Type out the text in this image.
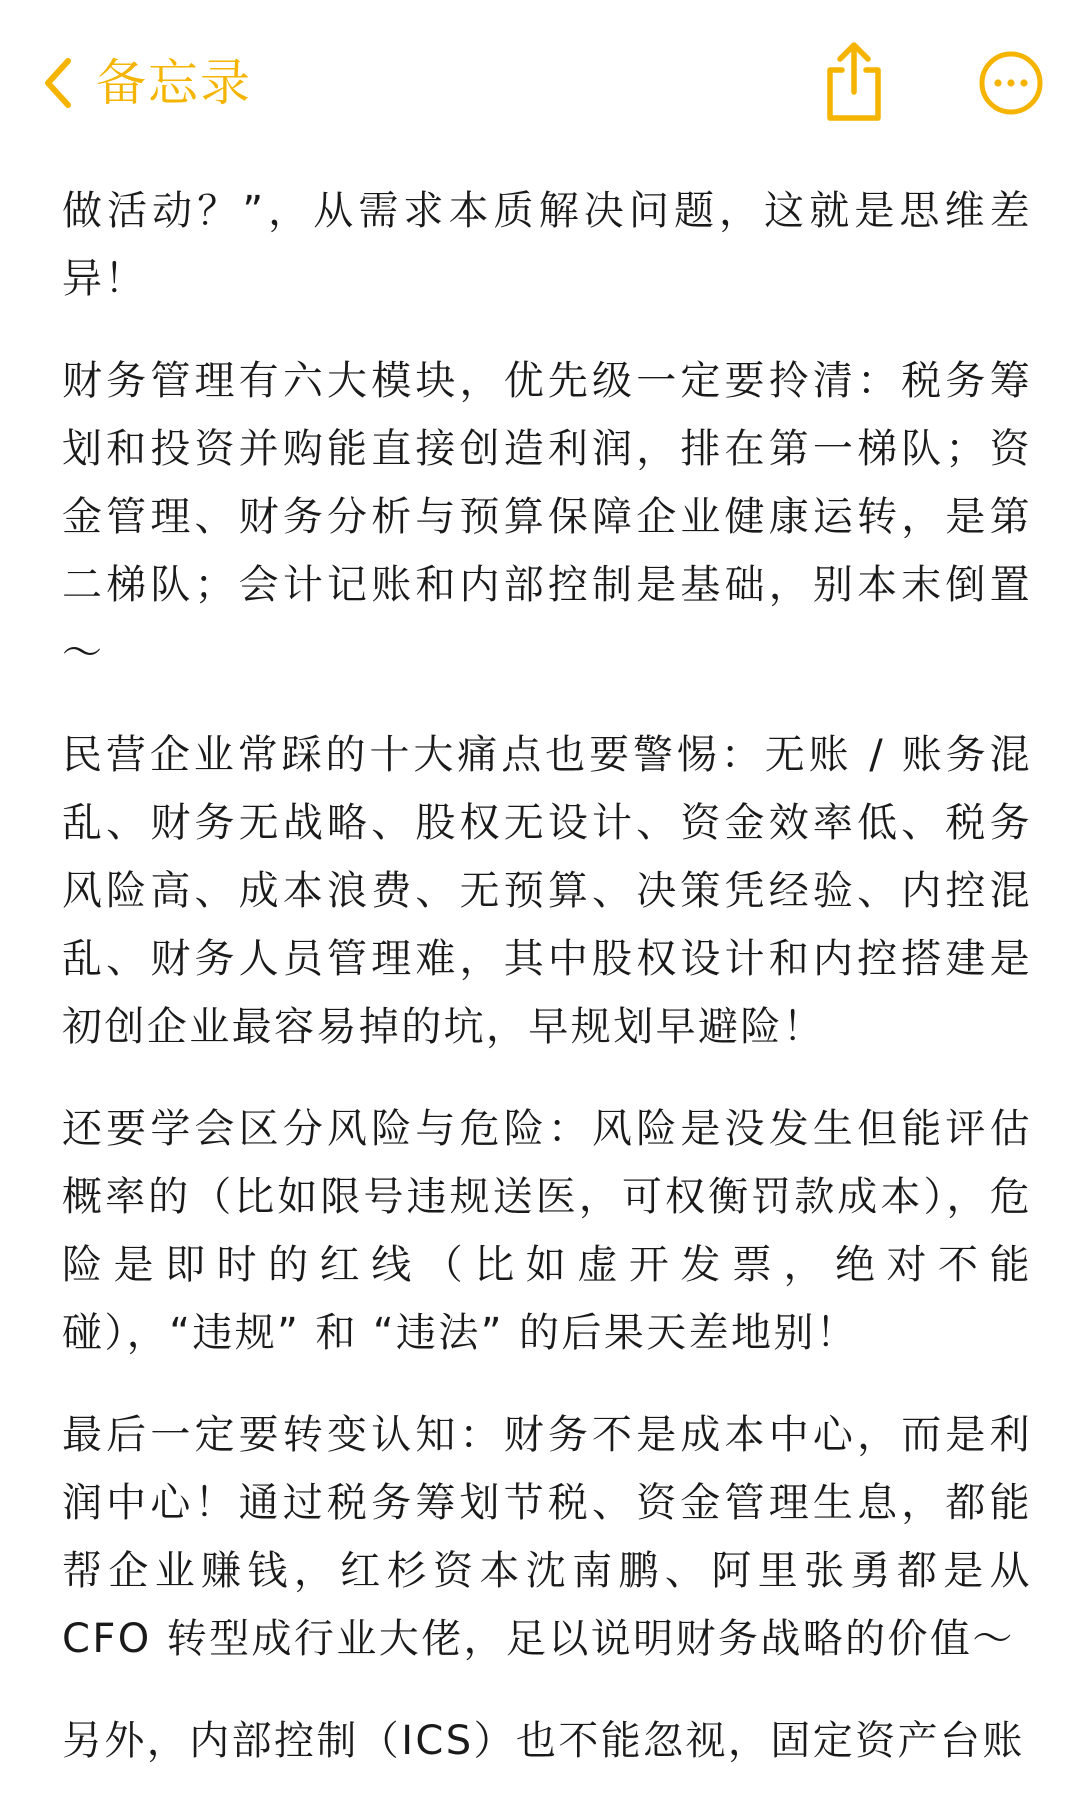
备忘录

做活动？”，从需求本质解决问题，这就是思维差异！

财务管理有六大模块，优先级一定要拎清：税务筹划和投资并购能直接创造利润，排在第一梯队；资金管理、财务分析与预算保障企业健康运转，是第二梯队；会计记账和内部控制是基础，别本末倒置～

民营企业常踩的十大痛点也要警惕：无账 / 账务混乱、财务无战略、股权无设计、资金效率低、税务风险高、成本浪费、无预算、决策凭经验、内控混乱、财务人员管理难，其中股权设计和内控搭建是初创企业最容易掉的坑，早规划早避险！

还要学会区分风险与危险：风险是没发生但能评估概率的（比如限号违规送医，可权衡罚款成本），危险是即时的红线（比如虚开发票，绝对不能碰），“违规” 和 “违法” 的后果天差地别！

最后一定要转变认知：财务不是成本中心，而是利润中心！通过税务筹划节税、资金管理生息，都能帮企业赚钱，红杉资本沈南鹏、阿里张勇都是从 CFO 转型成行业大佬，足以说明财务战略的价值～

另外，内部控制（ICS）也不能忽视，固定资产台账
